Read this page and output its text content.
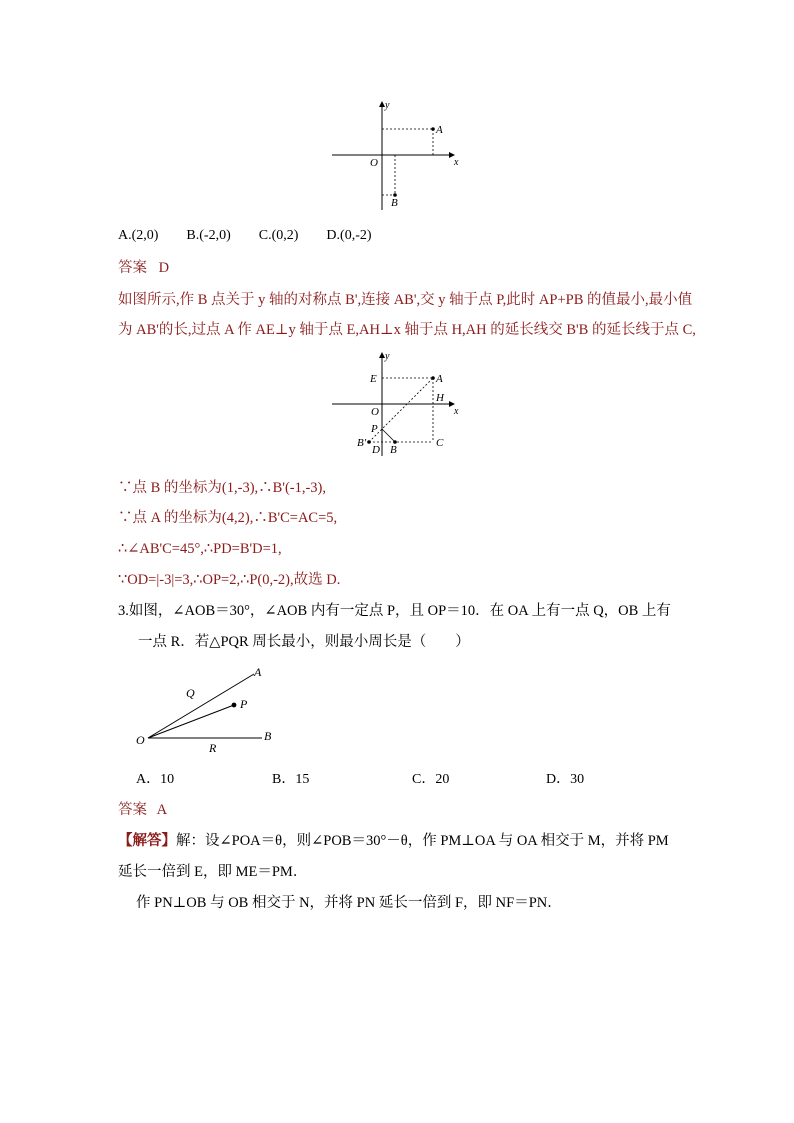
y
x
O
A
B
A.(2,0)　　B.(-2,0)　　C.(0,2)　　D.(0,-2)
答案 D
如图所示,作 B 点关于 y 轴的对称点 B',连接 AB',交 y 轴于点 P,此时 AP+PB 的值最小,最小值
为 AB'的长,过点 A 作 AE⊥y 轴于点 E,AH⊥x 轴于点 H,AH 的延长线交 B'B 的延长线于点 C,
y
x
O
A
E
H
P
B'
D B
C
∵点 B 的坐标为(1,-3),∴B'(-1,-3),
∵点 A 的坐标为(4,2),∴B'C=AC=5,
∴∠AB'C=45°,∴PD=B'D=1,
∵OD=|-3|=3,∴OP=2,∴P(0,-2),故选 D.
3.如图，∠AOB＝30°，∠AOB 内有一定点 P，且 OP＝10．在 OA 上有一点 Q，OB 上有
一点 R．若△PQR 周长最小，则最小周长是（　　）
A
Q
P
O
R
B
A．10	B．15	C．20	D．30
答案 A
【解答】解：设∠POA＝θ，则∠POB＝30°－θ，作 PM⊥OA 与 OA 相交于 M，并将 PM
延长一倍到 E，即 ME＝PM．
作 PN⊥OB 与 OB 相交于 N，并将 PN 延长一倍到 F，即 NF＝PN．
